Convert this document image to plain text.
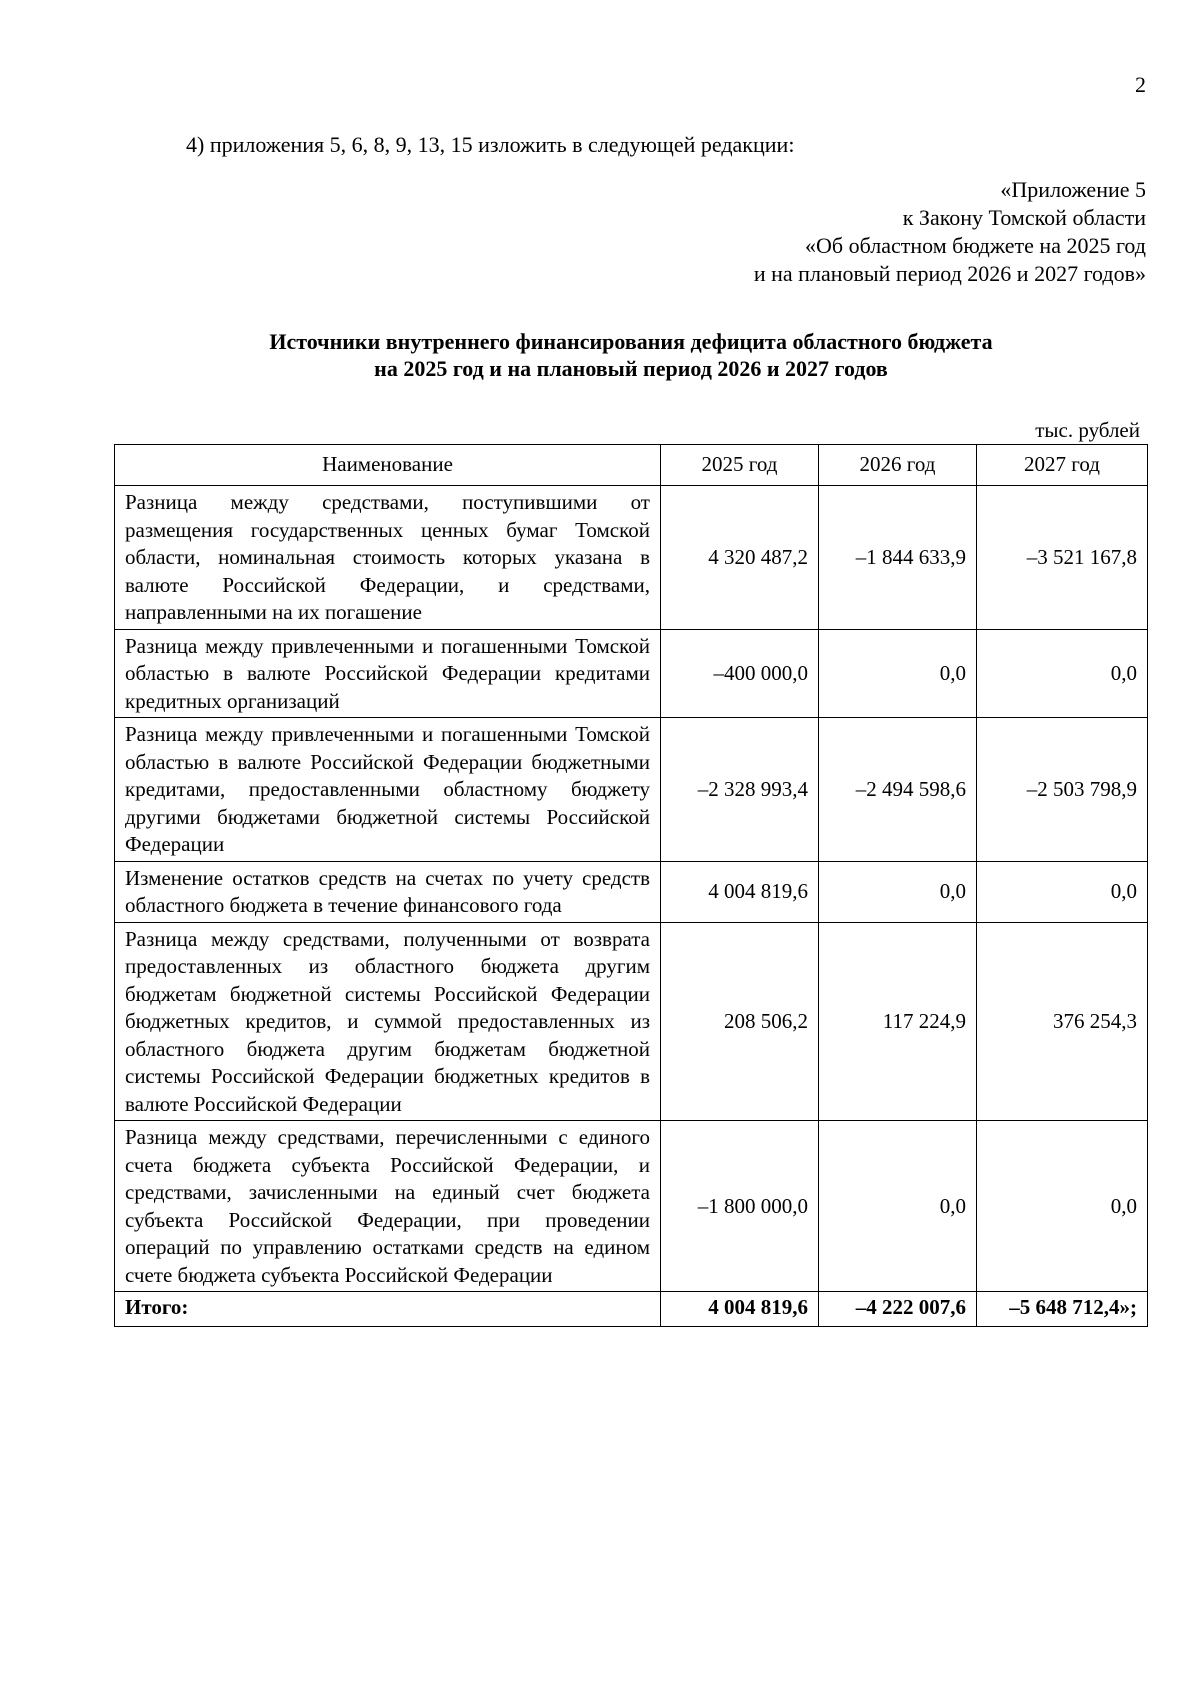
2
4) приложения 5, 6, 8, 9, 13, 15 изложить в следующей редакции:
«Приложение 5
к Закону Томской области
«Об областном бюджете на 2025 год
и на плановый период 2026 и 2027 годов»
Источники внутреннего финансирования дефицита областного бюджета
на 2025 год и на плановый период 2026 и 2027 годов
тыс. рублей
Наименование	2025 год	2026 год	2027 год
Разница между средствами, поступившими от размещения государственных ценных бумаг Томской области, номинальная стоимость которых указана в валюте Российской Федерации, и средствами, направленными на их погашение	4 320 487,2	–1 844 633,9	–3 521 167,8
Разница между привлеченными и погашенными Томской областью в валюте Российской Федерации кредитами кредитных организаций	–400 000,0	0,0	0,0
Разница между привлеченными и погашенными Томской областью в валюте Российской Федерации бюджетными кредитами, предоставленными областному бюджету другими бюджетами бюджетной системы Российской Федерации	–2 328 993,4	–2 494 598,6	–2 503 798,9
Изменение остатков средств на счетах по учету средств областного бюджета в течение финансового года	4 004 819,6	0,0	0,0
Разница между средствами, полученными от возврата предоставленных из областного бюджета другим бюджетам бюджетной системы Российской Федерации бюджетных кредитов, и суммой предоставленных из областного бюджета другим бюджетам бюджетной системы Российской Федерации бюджетных кредитов в валюте Российской Федерации	208 506,2	117 224,9	376 254,3
Разница между средствами, перечисленными с единого счета бюджета субъекта Российской Федерации, и средствами, зачисленными на единый счет бюджета субъекта Российской Федерации, при проведении операций по управлению остатками средств на едином счете бюджета субъекта Российской Федерации	–1 800 000,0	0,0	0,0
Итого:	4 004 819,6	–4 222 007,6	–5 648 712,4»;
